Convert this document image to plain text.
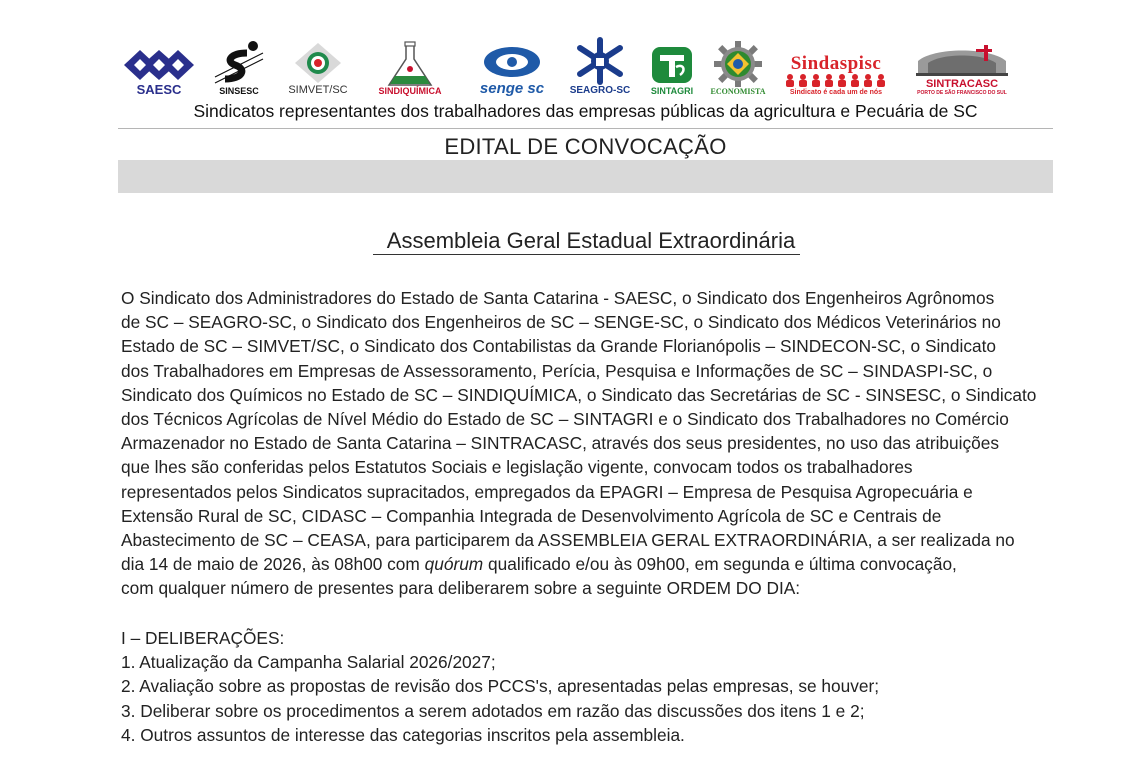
SAESC	SINSESC	SIMVET/SC	SINDIQUÍMICA	senge sc	SEAGRO-SC SINTAGRI ECONOMISTA
Sindaspisc
Sindicato é cada um de nós
SINTRACASC
PORTO DE SÃO FRANCISCO DO SUL
Sindicatos representantes dos trabalhadores das empresas públicas da agricultura e Pecuária de SC
EDITAL DE CONVOCAÇÃO
Assembleia Geral Estadual Extraordinária
O Sindicato dos Administradores do Estado de Santa Catarina - SAESC, o Sindicato dos Engenheiros Agrônomos
de SC – SEAGRO-SC, o Sindicato dos Engenheiros de SC – SENGE-SC, o Sindicato dos Médicos Veterinários no
Estado de SC – SIMVET/SC, o Sindicato dos Contabilistas da Grande Florianópolis – SINDECON-SC, o Sindicato
dos Trabalhadores em Empresas de Assessoramento, Perícia, Pesquisa e Informações de SC – SINDASPI-SC, o
Sindicato dos Químicos no Estado de SC – SINDIQUÍMICA, o Sindicato das Secretárias de SC - SINSESC, o Sindicato
dos Técnicos Agrícolas de Nível Médio do Estado de SC – SINTAGRI e o Sindicato dos Trabalhadores no Comércio
Armazenador no Estado de Santa Catarina – SINTRACASC, através dos seus presidentes, no uso das atribuições
que lhes são conferidas pelos Estatutos Sociais e legislação vigente, convocam todos os trabalhadores
representados pelos Sindicatos supracitados, empregados da EPAGRI – Empresa de Pesquisa Agropecuária e
Extensão Rural de SC, CIDASC – Companhia Integrada de Desenvolvimento Agrícola de SC e Centrais de
Abastecimento de SC – CEASA, para participarem da ASSEMBLEIA GERAL EXTRAORDINÁRIA, a ser realizada no
dia 14 de maio de 2026, às 08h00 com quórum qualificado e/ou às 09h00, em segunda e última convocação,
com qualquer número de presentes para deliberarem sobre a seguinte ORDEM DO DIA:
I – DELIBERAÇÕES:
1. Atualização da Campanha Salarial 2026/2027;
2. Avaliação sobre as propostas de revisão dos PCCS's, apresentadas pelas empresas, se houver;
3. Deliberar sobre os procedimentos a serem adotados em razão das discussões dos itens 1 e 2;
4. Outros assuntos de interesse das categorias inscritos pela assembleia.
